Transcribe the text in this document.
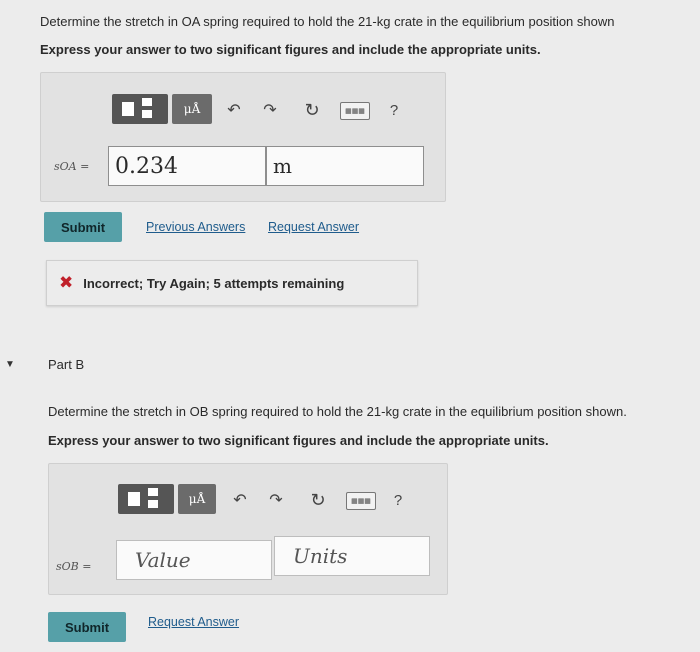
Determine the stretch in OA spring required to hold the 21-kg crate in the equilibrium position shown
Express your answer to two significant figures and include the appropriate units.
μÅ	↶	↷ ↻	▦▦▦	?
sOA = 0.234	m
Submit	Previous Answers Request Answer
✖ Incorrect; Try Again; 5 attempts remaining
▼	Part B
Determine the stretch in OB spring required to hold the 21-kg crate in the equilibrium position shown.
Express your answer to two significant figures and include the appropriate units.
μÅ	↶	↷ ↻	▦▦▦	?
sOB =	Value	Units
Submit	Request Answer
